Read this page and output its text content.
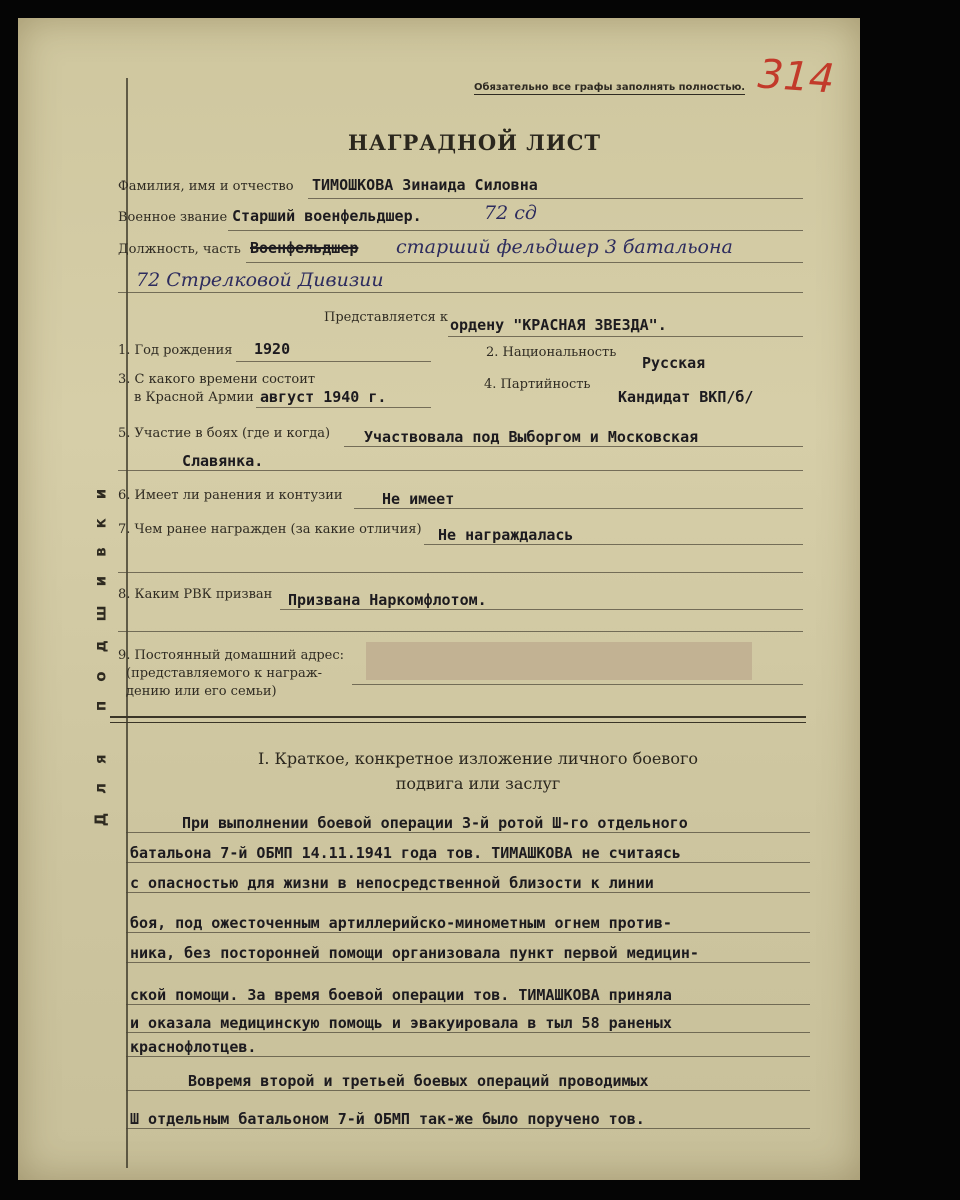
Для подшивки
Обязательно все графы заполнять полностью. 314
НАГРАДНОЙ ЛИСТ
Фамилия, имя и отчество ТИМОШКОВА Зинаида Силовна
Военное звание Старший военфельдшер.	72 сд
Должность, часть Военфельдшер старший фельдшер 3 батальона
72 Стрелковой Дивизии
Представляется к ордену "КРАСНАЯ ЗВЕЗДА".
1. Год рождения 1920	2. Национальность
Русская
3. С какого времени состоит
в Красной Армии август 1940 г.
4. Партийность
Кандидат ВКП/б/
5. Участие в боях (где и когда) Участвовала под Выборгом и Московская
Славянка.
6. Имеет ли ранения и контузии	Не имеет
7. Чем ранее награжден (за какие отличия) Не награждалась
8. Каким РВК призван Призвана Наркомфлотом.
9. Постоянный домашний адрес:
(представляемого к награж-
дению или его семьи)
I. Краткое, конкретное изложение личного боевого
подвига или заслуг
При выполнении боевой операции 3-й ротой Ш-го отдельного
батальона 7-й ОБМП 14.11.1941 года тов. ТИМАШКОВА не считаясь
с опасностью для жизни в непосредственной близости к линии
боя, под ожесточенным артиллерийско-минометным огнем против-
ника, без посторонней помощи организовала пункт первой медицин-
ской помощи. За время боевой операции тов. ТИМАШКОВА приняла
и оказала медицинскую помощь и эвакуировала в тыл 58 раненых
краснофлотцев.
Вовремя второй и третьей боевых операций проводимых
Ш отдельным батальоном 7-й ОБМП так-же было поручено тов.
